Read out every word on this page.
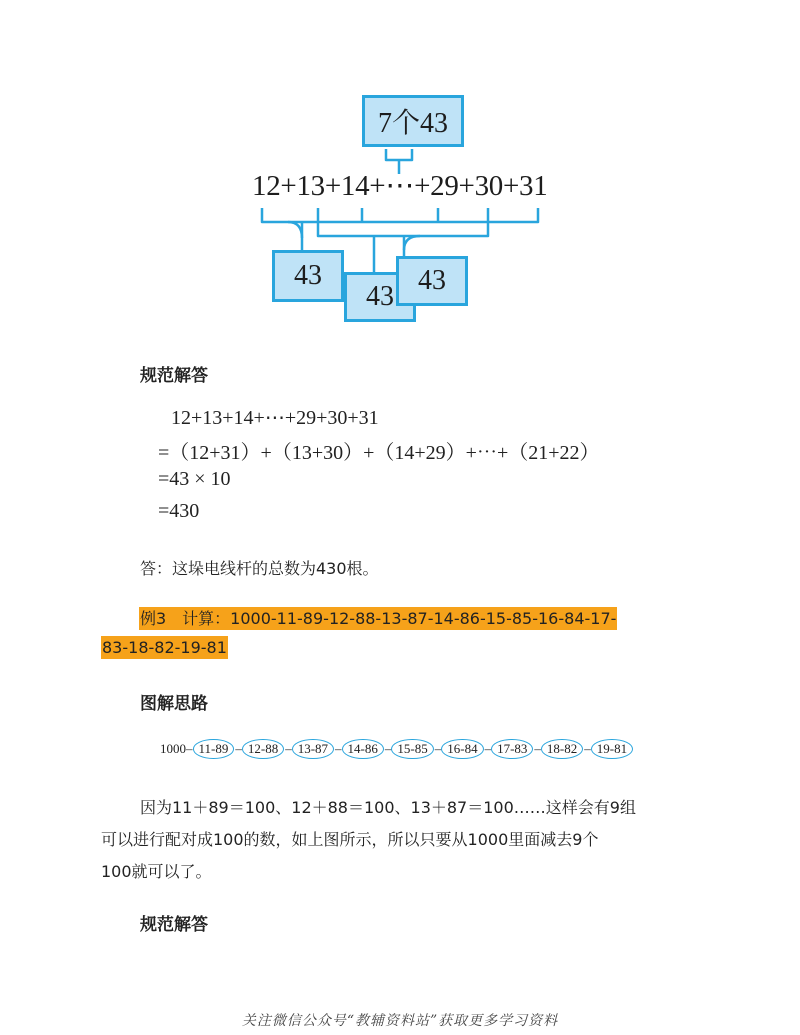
7个43
12+13+14+⋯+29+30+31
43
43
43
规范解答
12+13+14+⋯+29+30+31
=（12+31）+（13+30）+（14+29）+⋯+（21+22）
=43 × 10
=430
答：这垛电线杆的总数为430根。
例3　计算：1000-11-89-12-88-13-87-14-86-15-85-16-84-17-
83-18-82-19-81
图解思路
1000 – 11-89 – 12-88 – 13-87 – 14-86 – 15-85 – 16-84 – 17-83 – 18-82 – 19-81
因为11＋89＝100、12＋88＝100、13＋87＝100……这样会有9组
可以进行配对成100的数，如上图所示，所以只要从1000里面减去9个
100就可以了。
规范解答
关注微信公众号“教辅资料站”获取更多学习资料
